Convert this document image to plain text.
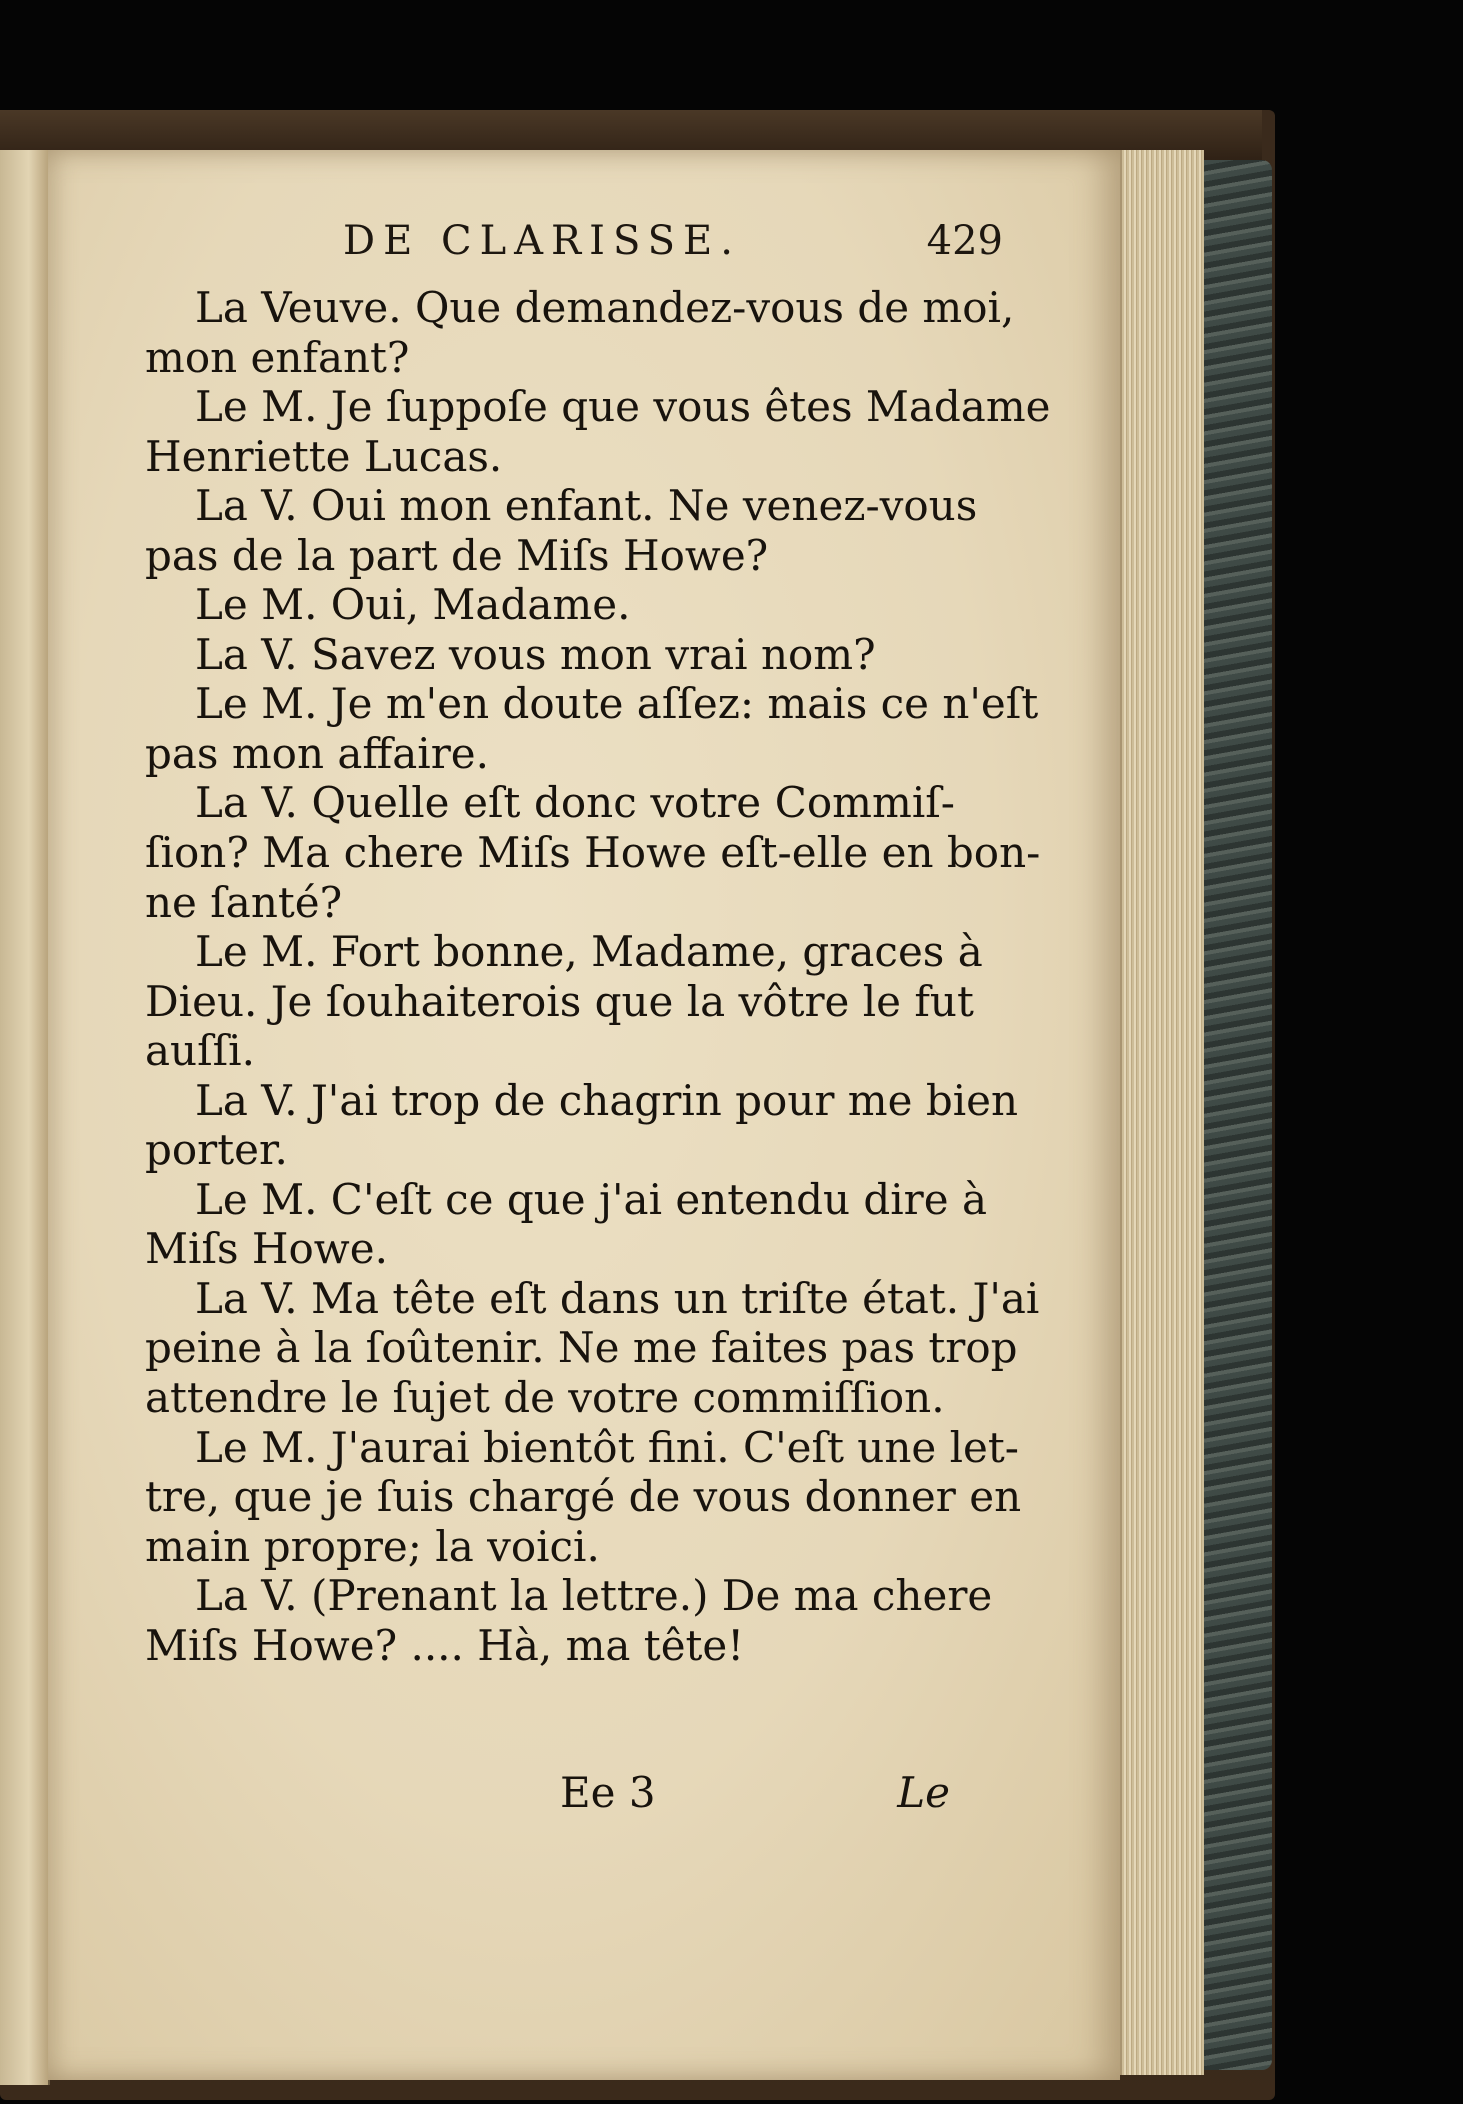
DE CLARISSE.	429
La Veuve. Que demandez-vous de moi,
mon enfant?
Le M. Je ſuppoſe que vous êtes Madame
Henriette Lucas.
La V. Oui mon enfant. Ne venez-vous
pas de la part de Miſs Howe?
Le M. Oui, Madame.
La V. Savez vous mon vrai nom?
Le M. Je m'en doute aſſez: mais ce n'eſt
pas mon affaire.
La V. Quelle eſt donc votre Commiſ-
ſion? Ma chere Miſs Howe eſt-elle en bon-
ne ſanté?
Le M. Fort bonne, Madame, graces à
Dieu. Je ſouhaiterois que la vôtre le fut
auſſi.
La V. J'ai trop de chagrin pour me bien
porter.
Le M. C'eſt ce que j'ai entendu dire à
Miſs Howe.
La V. Ma tête eſt dans un triſte état. J'ai
peine à la ſoûtenir. Ne me faites pas trop
attendre le ſujet de votre commiſſion.
Le M. J'aurai bientôt fini. C'eſt une let-
tre, que je ſuis chargé de vous donner en
main propre; la voici.
La V. (Prenant la lettre.) De ma chere
Miſs Howe? .... Hà, ma tête!
Ee 3	Le
